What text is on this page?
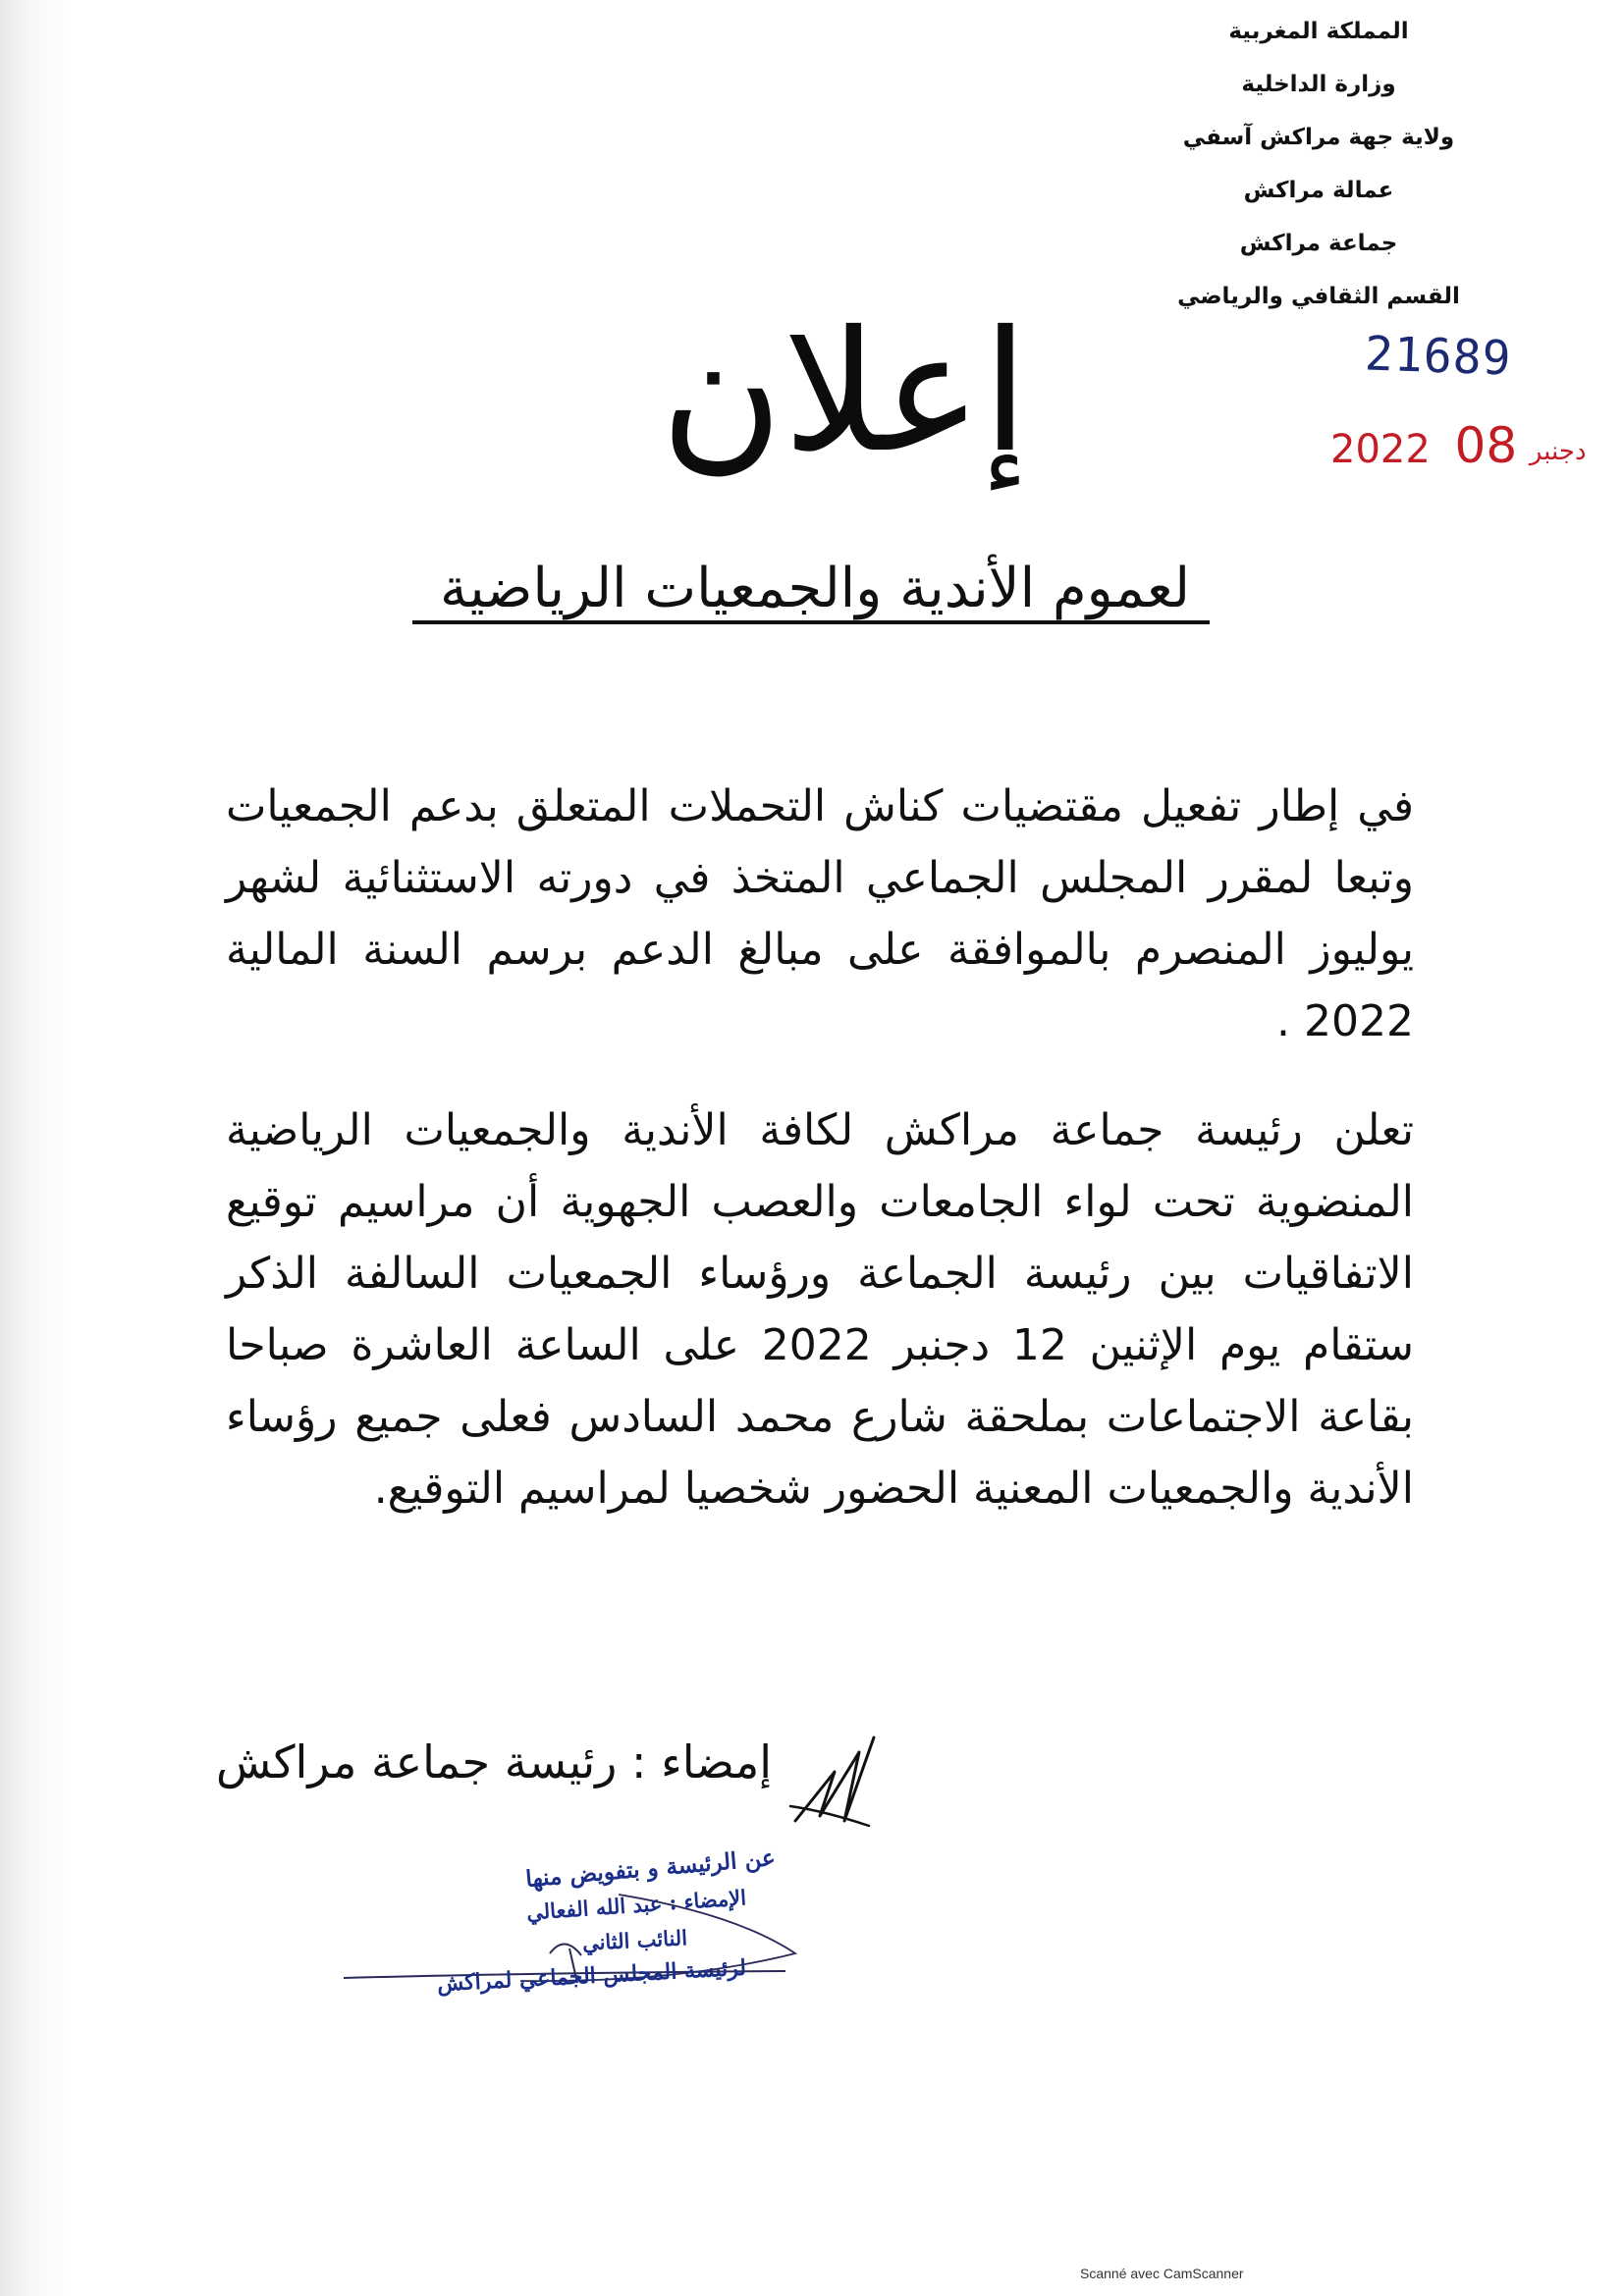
المملكة المغربية
وزارة الداخلية
ولاية جهة مراكش آسفي
عمالة مراكش
جماعة مراكش
القسم الثقافي والرياضي
21689
2022	دجنبر 08
إعلان
لعموم الأندية والجمعيات الرياضية

في إطار تفعيل مقتضيات كناش التحملات المتعلق بدعم الجمعيات وتبعا لمقرر المجلس الجماعي المتخذ في دورته الاستثنائية لشهر يوليوز المنصرم بالموافقة على مبالغ الدعم برسم السنة المالية 2022 .

تعلن رئيسة جماعة مراكش لكافة الأندية والجمعيات الرياضية المنضوية تحت لواء الجامعات والعصب الجهوية أن مراسيم توقيع الاتفاقيات بين رئيسة الجماعة ورؤساء الجمعيات السالفة الذكر ستقام يوم الإثنين 12 دجنبر 2022 على الساعة العاشرة صباحا بقاعة الاجتماعات بملحقة شارع محمد السادس فعلى جميع رؤساء الأندية والجمعيات المعنية الحضور شخصيا لمراسيم التوقيع.

إمضاء : رئيسة جماعة مراكش
عن الرئيسة و بتفويض منها
الإمضاء : عبد الله الفعالي
النائب الثاني
لرئيسة المجلس الجماعي لمراكش
Scanné avec CamScanner
